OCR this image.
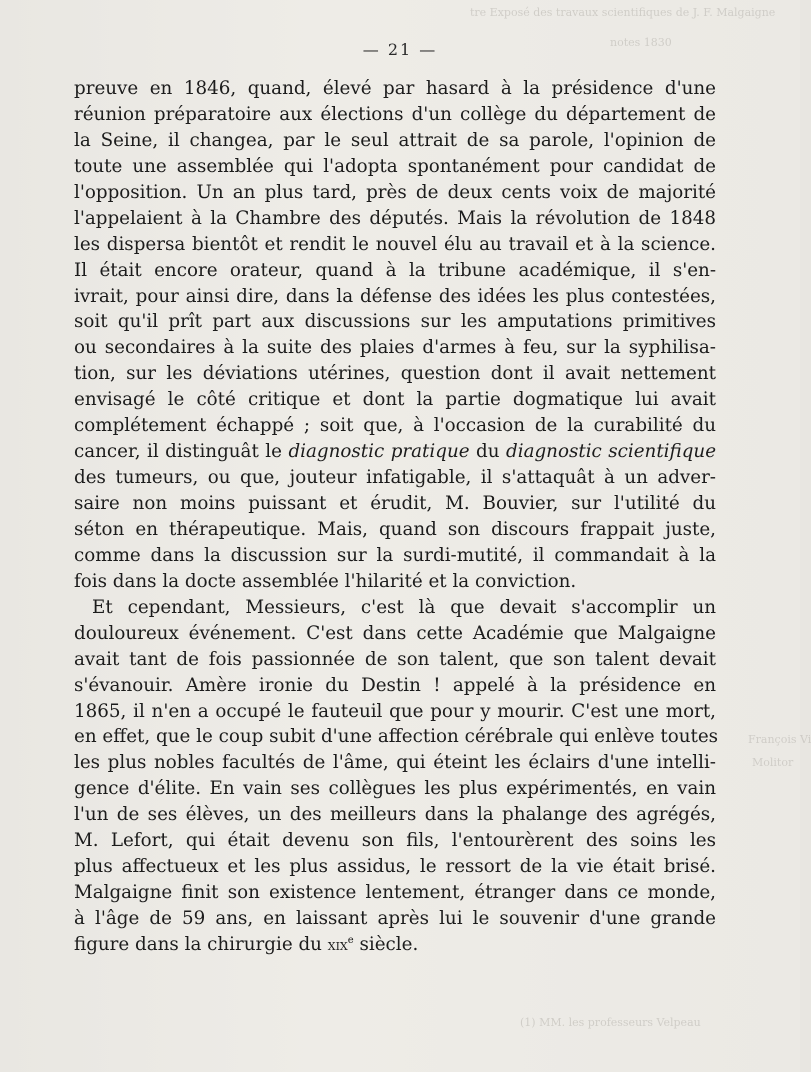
tre Exposé des travaux scientifiques de J. F. Malgaigne
notes 1830
François Vi
Molitor
(1) MM. les professeurs Velpeau
— 21 —
preuve en 1846, quand, élevé par hasard à la présidence d'une
réunion préparatoire aux élections d'un collège du département de
la Seine, il changea, par le seul attrait de sa parole, l'opinion de
toute une assemblée qui l'adopta spontanément pour candidat de
l'opposition. Un an plus tard, près de deux cents voix de majorité
l'appelaient à la Chambre des députés. Mais la révolution de 1848
les dispersa bientôt et rendit le nouvel élu au travail et à la science.
Il était encore orateur, quand à la tribune académique, il s'en-
ivrait, pour ainsi dire, dans la défense des idées les plus contestées,
soit qu'il prît part aux discussions sur les amputations primitives
ou secondaires à la suite des plaies d'armes à feu, sur la syphilisa-
tion, sur les déviations utérines, question dont il avait nettement
envisagé le côté critique et dont la partie dogmatique lui avait
complétement échappé ; soit que, à l'occasion de la curabilité du
cancer, il distinguât le diagnostic pratique du diagnostic scientifique
des tumeurs, ou que, jouteur infatigable, il s'attaquât à un adver-
saire non moins puissant et érudit, M. Bouvier, sur l'utilité du
séton en thérapeutique. Mais, quand son discours frappait juste,
comme dans la discussion sur la surdi-mutité, il commandait à la
fois dans la docte assemblée l'hilarité et la conviction.
Et cependant, Messieurs, c'est là que devait s'accomplir un
douloureux événement. C'est dans cette Académie que Malgaigne
avait tant de fois passionnée de son talent, que son talent devait
s'évanouir. Amère ironie du Destin ! appelé à la présidence en
1865, il n'en a occupé le fauteuil que pour y mourir. C'est une mort,
en effet, que le coup subit d'une affection cérébrale qui enlève toutes
les plus nobles facultés de l'âme, qui éteint les éclairs d'une intelli-
gence d'élite. En vain ses collègues les plus expérimentés, en vain
l'un de ses élèves, un des meilleurs dans la phalange des agrégés,
M. Lefort, qui était devenu son fils, l'entourèrent des soins les
plus affectueux et les plus assidus, le ressort de la vie était brisé.
Malgaigne finit son existence lentement, étranger dans ce monde,
à l'âge de 59 ans, en laissant après lui le souvenir d'une grande
figure dans la chirurgie du xix$^e$ siècle.
